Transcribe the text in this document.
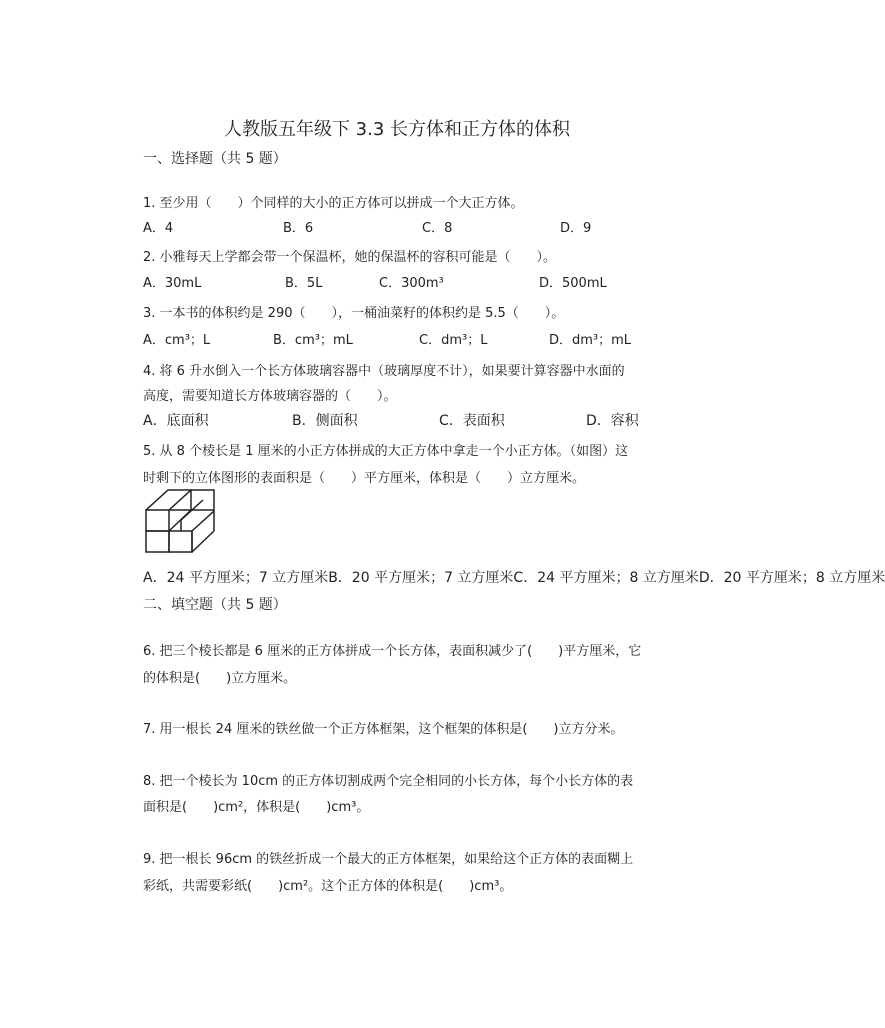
人教版五年级下 3.3 长方体和正方体的体积
一、选择题（共 5 题）
1. 至少用（　　）个同样的大小的正方体可以拼成一个大正方体。
A．4	B．6	C．8	D．9
2. 小雅每天上学都会带一个保温杯，她的保温杯的容积可能是（　　）。
A．30mL	B．5L	C．300m³	D．500mL
3. 一本书的体积约是 290（　　），一桶油菜籽的体积约是 5.5（　　）。
A．cm³；L	B．cm³；mL	C．dm³；L	D．dm³；mL
4. 将 6 升水倒入一个长方体玻璃容器中（玻璃厚度不计），如果要计算容器中水面的
高度，需要知道长方体玻璃容器的（　　）。
A．底面积	B．侧面积	C．表面积	D．容积
5. 从 8 个棱长是 1 厘米的小正方体拼成的大正方体中拿走一个小正方体。（如图）这
时剩下的立体图形的表面积是（　　）平方厘米，体积是（　　）立方厘米。
A．24 平方厘米；7 立方厘米B．20 平方厘米；7 立方厘米C．24 平方厘米；8 立方厘米D．20 平方厘米；8 立方厘米
二、填空题（共 5 题）
6. 把三个棱长都是 6 厘米的正方体拼成一个长方体，表面积减少了(　　)平方厘米，它
的体积是(　　)立方厘米。
7. 用一根长 24 厘米的铁丝做一个正方体框架，这个框架的体积是(　　)立方分米。
8. 把一个棱长为 10cm 的正方体切割成两个完全相同的小长方体，每个小长方体的表
面积是(　　)cm²，体积是(　　)cm³。
9. 把一根长 96cm 的铁丝折成一个最大的正方体框架，如果给这个正方体的表面糊上
彩纸，共需要彩纸(　　)cm²。这个正方体的体积是(　　)cm³。
